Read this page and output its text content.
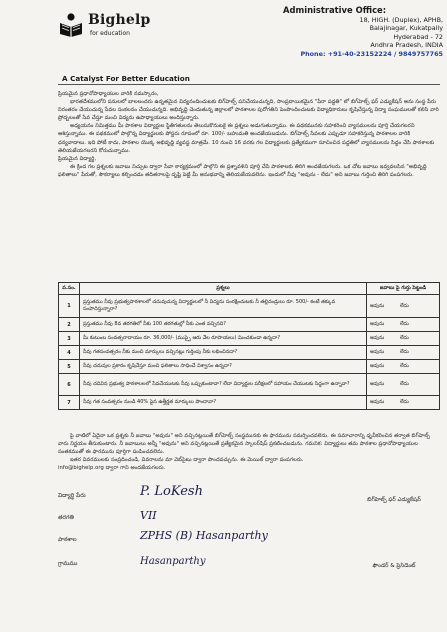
Bighelp
for education
A Catalyst For Better Education
Administrative Office:
18, HIGH. (Duplex), APHB,
Balajinagar, Kukatpally
Hyderabad - 72
Andhra Pradesh, INDIA
Phone: +91-40-23152224 / 9849757765

ప్రియమైన ప్రధానోపాధ్యాయుల వారికి నమస్కారం,

భారతదేశములోని పనులలో బాలలందరు ఉన్నతమైన విద్యనందించుటకు బిగ్‌హెల్ప్ పనిచేయుచున్నది, సాంప్రదాయికమైన "పేరా పద్ధతి" లో బిగ్‌హెల్ప్ ఫర్ ఎడ్యుకేషన్ అను సంస్థ పేరు నిరంతరం చేయుచున్న సేవల సంకలనం చేయుచున్నది. అభివృద్ధి చెందుతున్న జిల్లాలలో పాఠశాలల పురోగతిని పెంపొందించుటకు విద్యాధికారులు కృషిచేస్తున్న విద్యా సంఘములతో కలిసి వారి ప్రోద్బలంతో సేవ చేస్తూ మంచి విద్యను ఉపాధ్యాయులు అందిస్తున్నారు.

అధ్యయనం నిమిత్తము మీ పాఠశాల విద్యార్థుల స్థితిగతులను తెలుసుకొనుటకై ఈ ప్రశ్నలు అడుగుతున్నాము. ఈ పథకమునకు సహకరించి వ్యాసములను పూర్తి చేయగలరని ఆశిస్తున్నాము. ఈ పథకములో పాల్గొన్న విద్యార్థులకు పోస్టరు రూపంలో రూ. 100/- బహుమతి అందజేయబడును. బిగ్‌హెల్ప్ సేవలకు ఎప్పుడూ సహకరిస్తున్న పాఠశాలల వారికి ధన్యవాదాలు. ఇది పోటీ కాదు, పాఠశాల యొక్క అభివృద్ధి వ్యవస్థ మాత్రమే. 10 నుంచి 16 వరకు గల విద్యార్థులకు ప్రత్యేకముగా సూచించిన పద్ధతిలో వ్యాసములను సిద్ధం చేసి పాఠశాలకు తెలియజేయగలరని కోరుచున్నాము.

ప్రియమైన విద్యార్థి,

ఈ క్రింద గల ప్రశ్నలకు జవాబు నిచ్చుట ద్వారా సేవా కార్యక్రమంలో పాల్గొని ఈ ప్రశ్నావళిని పూర్తి చేసి పాఠశాలకు తిరిగి అందజేయగలరు. ఒక చోట జవాబు ఇవ్వవలసిన "అభివృద్ధి ఫలితాలు" పేరుతో, సౌకర్యాలు కల్పించడం తదితరాలపై దృష్టి పెట్టి మీ అనుభవాన్ని తెలియజేయవలెను. ఇందులో నీవు "అవును - లేదు" అని జవాబు గుర్తించి తిరిగి పంపగలరు.

వ.సం.	ప్రశ్నలు	జవాబు పై గుర్తు పెట్టండి
1	ప్రస్తుతము నీవు ప్రభుత్వపాఠశాలలో చదువుచున్న విద్యార్థులలో నీ విద్యను సంరక్షించుటకు నీ తల్లిదండ్రులు రూ. 500/- కంటే తక్కువ సంపాదిస్తున్నారా?	అవును లేదు
2	ప్రస్తుతము నీవు 8వ తరగతిలో నీకు 100 తరగతుల్లో నీకు ఎంత వచ్చినది?	అవును లేదు
3	మీ కుటుంబ సంవత్సరాదాయం రూ. 36,000/- (ముప్పై ఆరు వేల రూపాయలు) మించకుండా ఉన్నదా?	అవును లేదు
4	నీవు గతసంవత్సరం నీకు మంచి మార్కులు వచ్చినట్లు గుర్తింపు నీకు లభించినదా?	అవును లేదు
5	నీవు చదువుల ప్రకారం కృషిచేస్తూ మంచి ఫలితాలు సాధించే విశ్వాసం ఉన్నదా?	అవును లేదు
6	నీవు చదివిన ప్రభుత్వ పాఠశాలలలో సేవచేయుటకు నీవు ఒప్పుకుంటావా? లేదా విద్యార్థుల పరీక్షలలో సహాయం చేయుటకు సిద్ధంగా ఉన్నావా?	అవును లేదు
7	నీవు గత సంవత్సరం నుండి 40% పైన ఉత్తీర్ణత మార్కులు పొందావా?	అవును లేదు

పై వాటిలో ఏదైనా ఒక ప్రశ్నకు నీ జవాబు "అవును" అని వచ్చినట్లయితే బిగ్‌హెల్ప్ సంస్థమునకు ఈ ఫారమును సమర్పించవలెను. ఈ సమాచారాన్ని ధృవీకరించిన తర్వాత బిగ్‌హెల్ప్ వారు నిర్ణయం తీసుకుంటారు. నీ జవాబులు అన్నీ "అవును" అని వచ్చినట్లయితే ప్రత్యేకమైన స్కాలర్‌షిప్ ప్రకటించబడును. గమనిక: విద్యార్థులు తమ పాఠశాల ప్రధానోపాధ్యాయుల సంతకముతో ఈ ఫారమును పూర్తిగా పంపించవలెను.

ఇతర వివరములకు సంప్రదించండి, వివరాలను మా వెబ్‌సైటు ద్వారా పొందవచ్చును. ఈ మెయిల్ ద్వారా పంపగలరు.

info@bighelp.org ద్వారా గాని అందజేయగలరు.

విద్యార్థి పేరు	P. LoKesh
తరగతి	VII
పాఠశాల	ZPHS (B) Hasanparthy
గ్రామము	Hasanparthy
బిగ్‌హెల్ప్ ఫర్ ఎడ్యుకేషన్
ఫౌండర్ & ప్రెసిడెంట్
